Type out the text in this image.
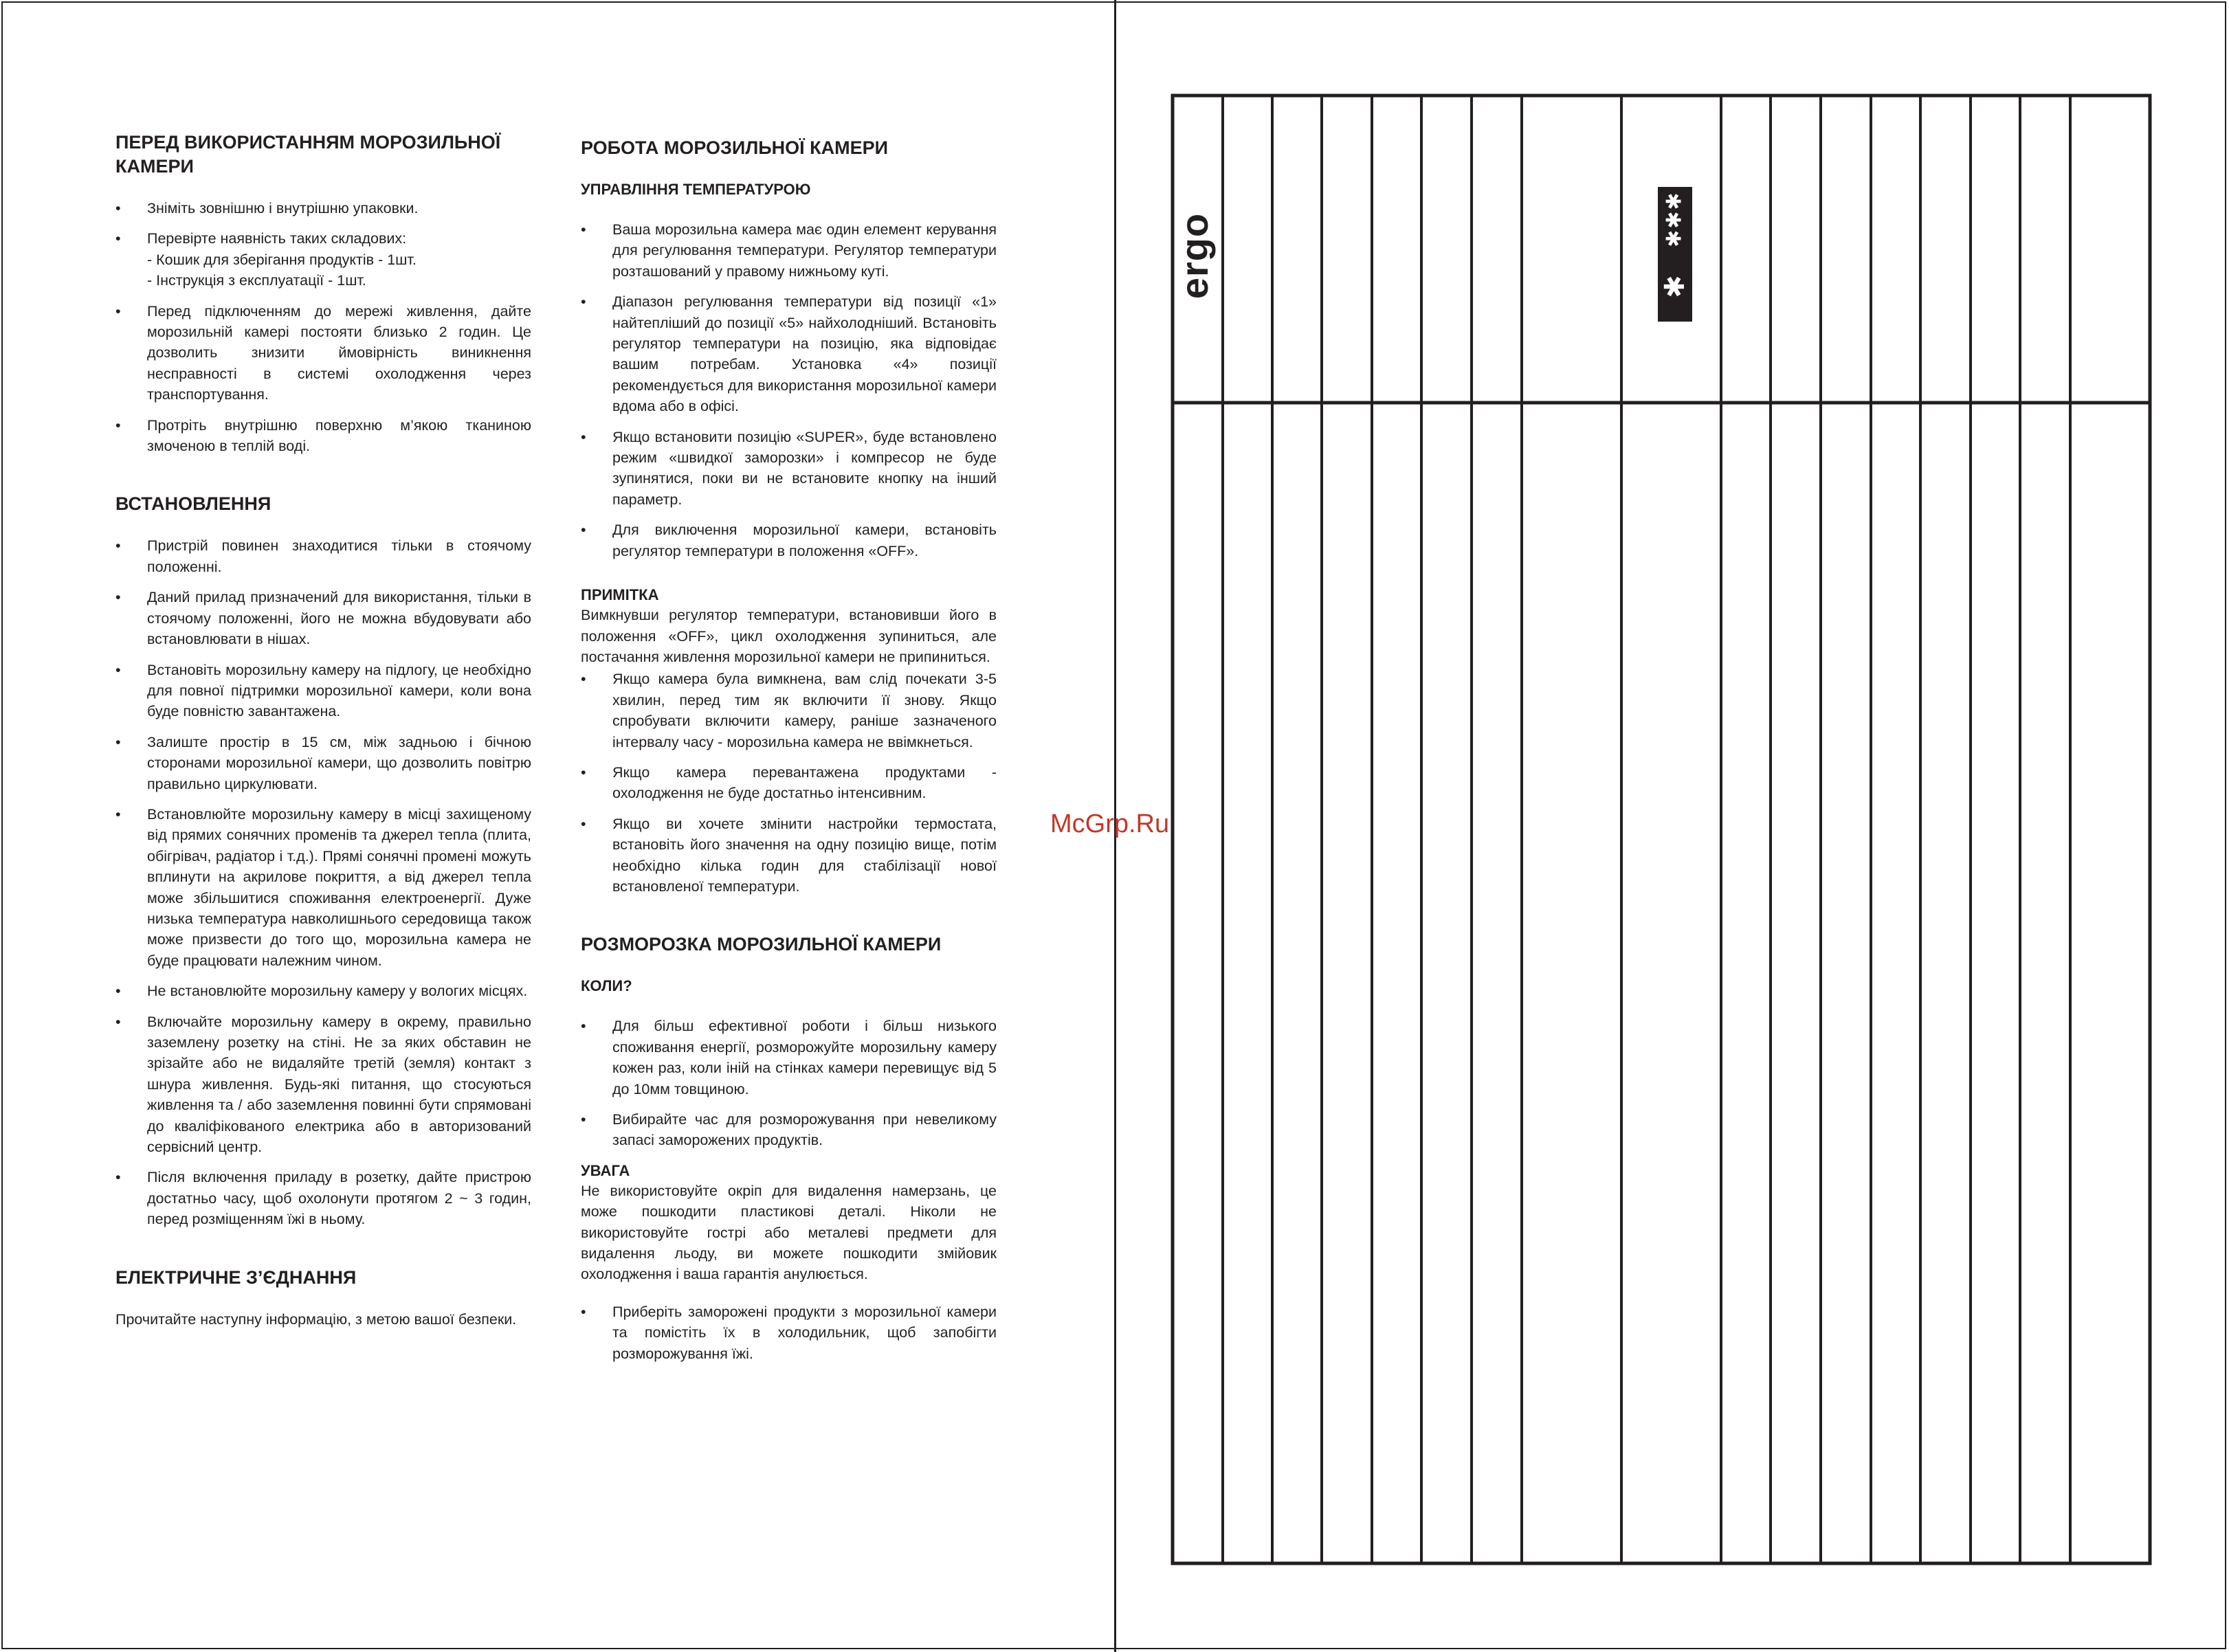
ПЕРЕД ВИКОРИСТАННЯМ МОРОЗИЛЬНОЇ КАМЕРИ
• Зніміть зовнішню і внутрішню упаковки.
• Перевірте наявність таких складових:
- Кошик для зберігання продуктів - 1шт.
- Інструкція з експлуатації - 1шт.
• Перед підключенням до мережі живлення, дайте морозильній камері постояти близько 2 годин. Це дозволить знизити ймовірність виникнення несправності в системі охолодження через транспортування.
• Протріть внутрішню поверхню м’якою тканиною змоченою в теплій воді.
ВСТАНОВЛЕННЯ
• Пристрій повинен знаходитися тільки в стоячому положенні.
• Даний прилад призначений для використання, тільки в стоячому положенні, його не можна вбудовувати або встановлювати в нішах.
• Встановіть морозильну камеру на підлогу, це необхідно для повної підтримки морозильної камери, коли вона буде повністю завантажена.
• Залиште простір в 15 см, між задньою і бічною сторонами морозильної камери, що дозволить повітрю правильно циркулювати.
• Встановлюйте морозильну камеру в місці захищеному від прямих сонячних променів та джерел тепла (плита, обігрівач, радіатор і т.д.). Прямі сонячні промені можуть вплинути на акрилове покриття, а від джерел тепла може збільшитися споживання електроенергії. Дуже низька температура навколишнього середовища також може призвести до того що, морозильна камера не буде працювати належним чином.
• Не встановлюйте морозильну камеру у вологих місцях.
• Включайте морозильну камеру в окрему, правильно заземлену розетку на стіні. Не за яких обставин не зрізайте або не видаляйте третій (земля) контакт з шнура живлення. Будь-які питання, що стосуються живлення та / або заземлення повинні бути спрямовані до кваліфікованого електрика або в авторизований сервісний центр.
• Після включення приладу в розетку, дайте пристрою достатньо часу, щоб охолонути протягом 2 ~ 3 годин, перед розміщенням їжі в ньому.
ЕЛЕКТРИЧНЕ З’ЄДНАННЯ

Прочитайте наступну інформацію, з метою вашої безпеки.

РОБОТА МОРОЗИЛЬНОЇ КАМЕРИ
УПРАВЛІННЯ ТЕМПЕРАТУРОЮ
• Ваша морозильна камера має один елемент керування для регулювання температури. Регулятор температури розташований у правому нижньому куті.
• Діапазон регулювання температури від позиції «1» найтепліший до позиції «5» найхолодніший. Встановіть регулятор температури на позицію, яка відповідає вашим потребам. Установка «4» позиції рекомендується для використання морозильної камери вдома або в офісі.
• Якщо встановити позицію «SUPER», буде встановлено режим «швидкої заморозки» і компресор не буде зупинятися, поки ви не встановите кнопку на інший параметр.
• Для виключення морозильної камери, встановіть регулятор температури в положення «OFF».
ПРИМІТКА

Вимкнувши регулятор температури, встановивши його в положення «OFF», цикл охолодження зупиниться, але постачання живлення морозильної камери не припиниться.

• Якщо камера була вимкнена, вам слід почекати 3-5 хвилин, перед тим як включити її знову. Якщо спробувати включити камеру, раніше зазначеного інтервалу часу - морозильна камера не ввімкнеться.
• Якщо камера перевантажена продуктами - охолодження не буде достатньо інтенсивним.
• Якщо ви хочете змінити настройки термостата, встановіть його значення на одну позицію вище, потім необхідно кілька годин для стабілізації нової встановленої температури.
РОЗМОРОЗКА МОРОЗИЛЬНОЇ КАМЕРИ
КОЛИ?
• Для більш ефективної роботи і більш низького споживання енергії, розморожуйте морозильну камеру кожен раз, коли іній на стінках камери перевищує від 5 до 10мм товщиною.
• Вибирайте час для розморожування при невеликому запасі заморожених продуктів.
УВАГА

Не використовуйте окріп для видалення намерзань, це може пошкодити пластикові деталі. Ніколи не використовуйте гострі або металеві предмети для видалення льоду, ви можете пошкодити змійовик охолодження і ваша гарантія анулюється.

• Приберіть заморожені продукти з морозильної камери та помістіть їх в холодильник, щоб запобігти розморожування їжі.
McGrp.Ru
ergo	✱✱✱
✱
